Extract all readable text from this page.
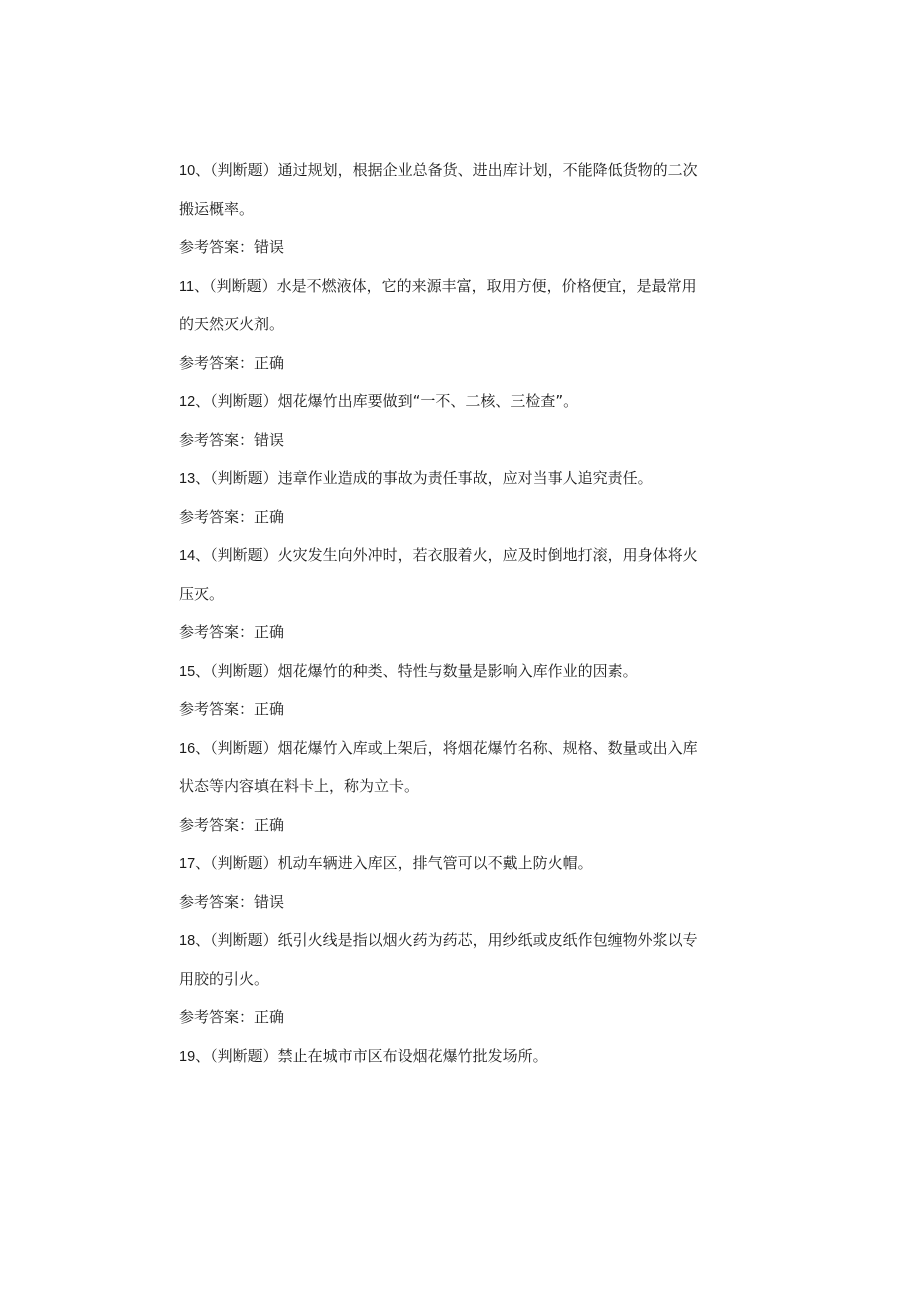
10、（判断题）通过规划，根据企业总备货、进出库计划，不能降低货物的二次
搬运概率。
参考答案：错误
11、（判断题）水是不燃液体，它的来源丰富，取用方便，价格便宜，是最常用
的天然灭火剂。
参考答案：正确
12、（判断题）烟花爆竹出库要做到“一不、二核、三检查”。
参考答案：错误
13、（判断题）违章作业造成的事故为责任事故，应对当事人追究责任。
参考答案：正确
14、（判断题）火灾发生向外冲时，若衣服着火，应及时倒地打滚，用身体将火
压灭。
参考答案：正确
15、（判断题）烟花爆竹的种类、特性与数量是影响入库作业的因素。
参考答案：正确
16、（判断题）烟花爆竹入库或上架后，将烟花爆竹名称、规格、数量或出入库
状态等内容填在料卡上，称为立卡。
参考答案：正确
17、（判断题）机动车辆进入库区，排气管可以不戴上防火帽。
参考答案：错误
18、（判断题）纸引火线是指以烟火药为药芯，用纱纸或皮纸作包缠物外浆以专
用胶的引火。
参考答案：正确
19、（判断题）禁止在城市市区布设烟花爆竹批发场所。
